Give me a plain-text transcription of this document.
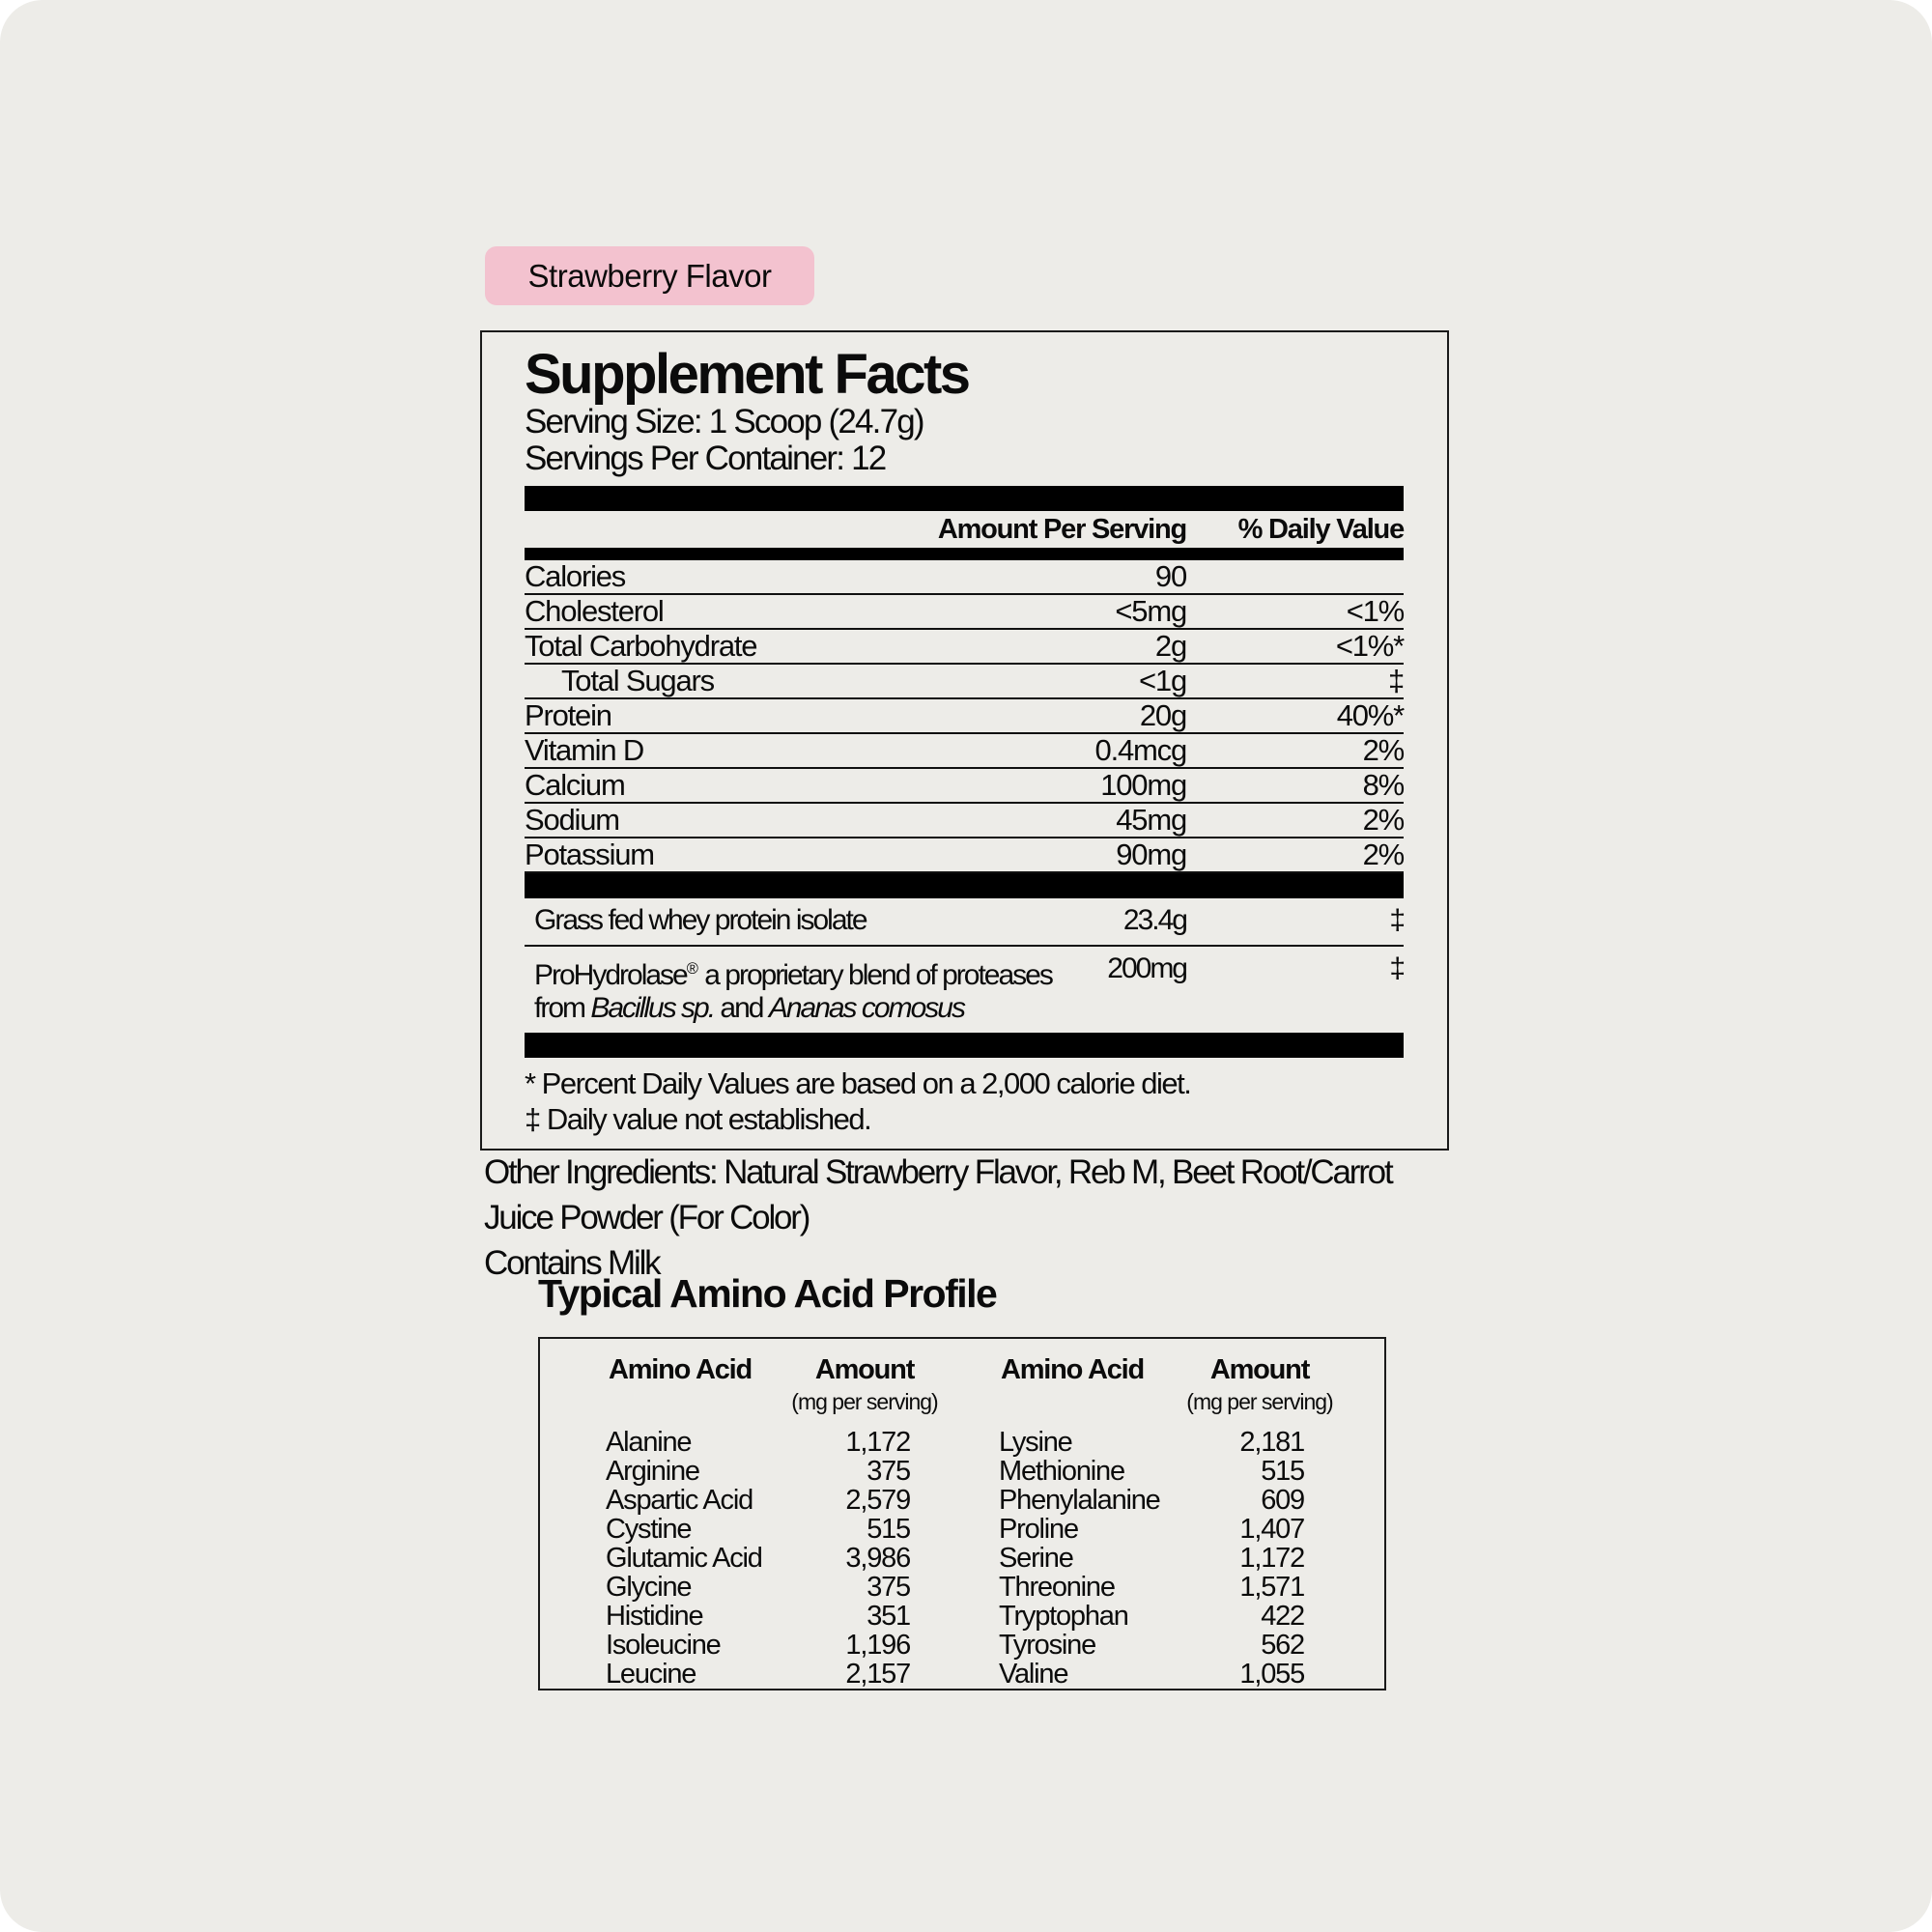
Strawberry Flavor
Supplement Facts
Serving Size: 1 Scoop (24.7g)
Servings Per Container: 12
Amount Per Serving	% Daily Value
Calories	90
Cholesterol	<5mg	<1%
Total Carbohydrate	2g	<1%*
Total Sugars	<1g	‡
Protein	20g	40%*
Vitamin D	0.4mcg	2%
Calcium	100mg	8%
Sodium	45mg	2%
Potassium	90mg	2%
Grass fed whey protein isolate	23.4g	‡
ProHydrolase® a proprietary blend of proteases
from Bacillus sp. and Ananas comosus
200mg	‡
* Percent Daily Values are based on a 2,000 calorie diet.
‡ Daily value not established.
Other Ingredients: Natural Strawberry Flavor, Reb M, Beet Root/Carrot Juice Powder (For Color)
Contains Milk
Typical Amino Acid Profile
Amino Acid Amount	Amino Acid Amount
(mg per serving)	(mg per serving)
Alanine	1,172	Lysine	2,181
Arginine	375	Methionine	515
Aspartic Acid	2,579	Phenylalanine	609
Cystine	515	Proline	1,407
Glutamic Acid	3,986	Serine	1,172
Glycine	375	Threonine	1,571
Histidine	351	Tryptophan	422
Isoleucine	1,196	Tyrosine	562
Leucine	2,157	Valine	1,055
